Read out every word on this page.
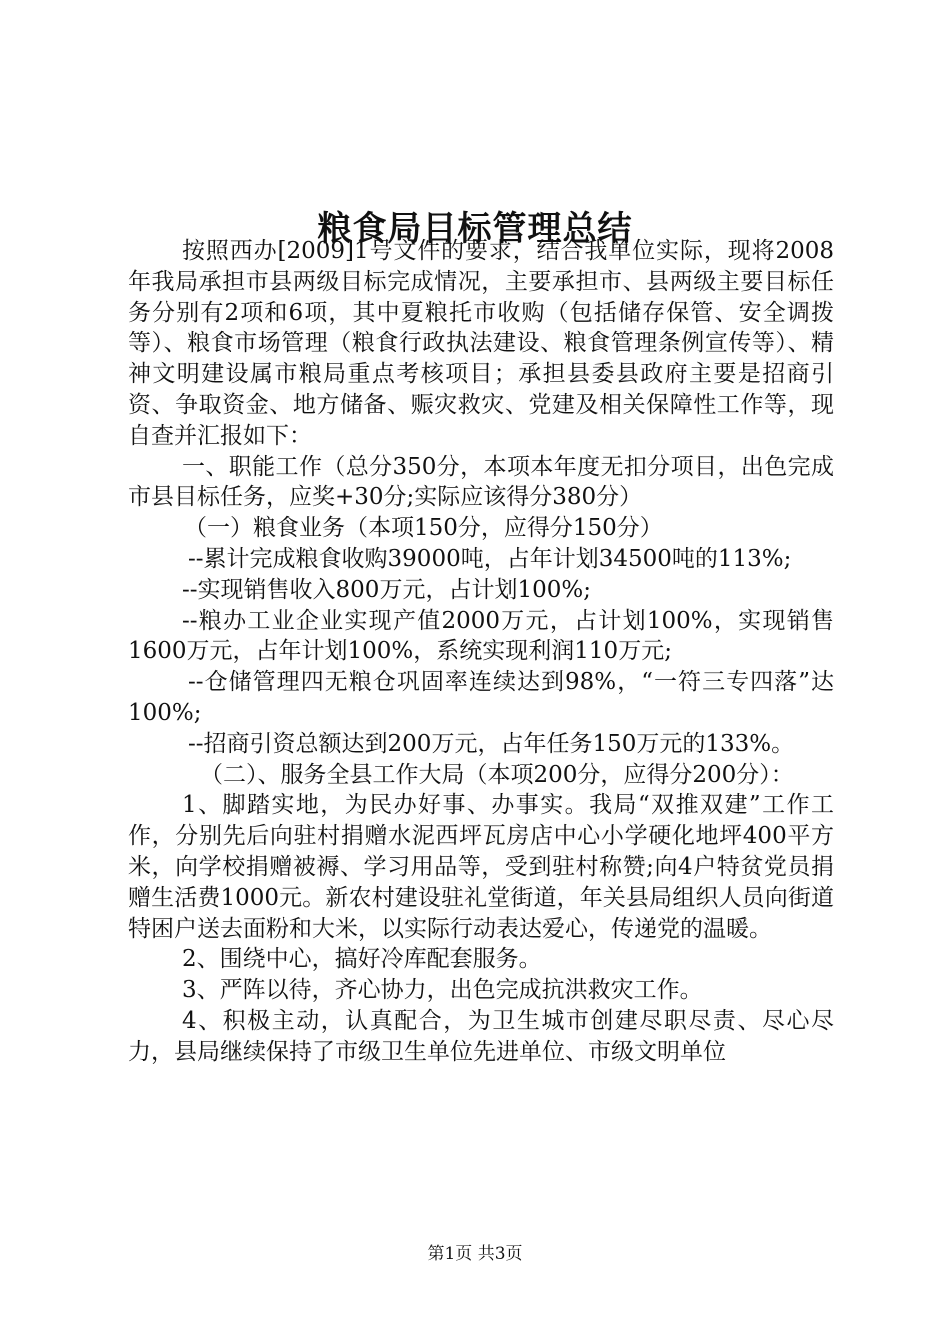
粮食局目标管理总结

按照西办[2009]1号文件的要求，结合我单位实际，现将2008年我局承担市县两级目标完成情况，主要承担市、县两级主要目标任务分别有2项和6项，其中夏粮托市收购（包括储存保管、安全调拨等）、粮食市场管理（粮食行政执法建设、粮食管理条例宣传等）、精神文明建设属市粮局重点考核项目；承担县委县政府主要是招商引资、争取资金、地方储备、赈灾救灾、党建及相关保障性工作等，现自查并汇报如下：

一、职能工作（总分350分，本项本年度无扣分项目，出色完成市县目标任务，应奖+30分;实际应该得分380分）

（一）粮食业务（本项150分，应得分150分）

--累计完成粮食收购39000吨，占年计划34500吨的113%;

--实现销售收入800万元，占计划100%;

--粮办工业企业实现产值2000万元，占计划100%，实现销售1600万元，占年计划100%，系统实现利润110万元;

--仓储管理四无粮仓巩固率连续达到98%，“一符三专四落”达100%;

--招商引资总额达到200万元，占年任务150万元的133%。

（二）、服务全县工作大局（本项200分，应得分200分）：

1、脚踏实地，为民办好事、办事实。我局“双推双建”工作工作，分别先后向驻村捐赠水泥西坪瓦房店中心小学硬化地坪400平方米，向学校捐赠被褥、学习用品等，受到驻村称赞;向4户特贫党员捐赠生活费1000元。新农村建设驻礼堂街道，年关县局组织人员向街道特困户送去面粉和大米，以实际行动表达爱心，传递党的温暖。

2、围绕中心，搞好冷库配套服务。

3、严阵以待，齐心协力，出色完成抗洪救灾工作。

4、积极主动，认真配合，为卫生城市创建尽职尽责、尽心尽力，县局继续保持了市级卫生单位先进单位、市级文明单位

第1页 共3页
